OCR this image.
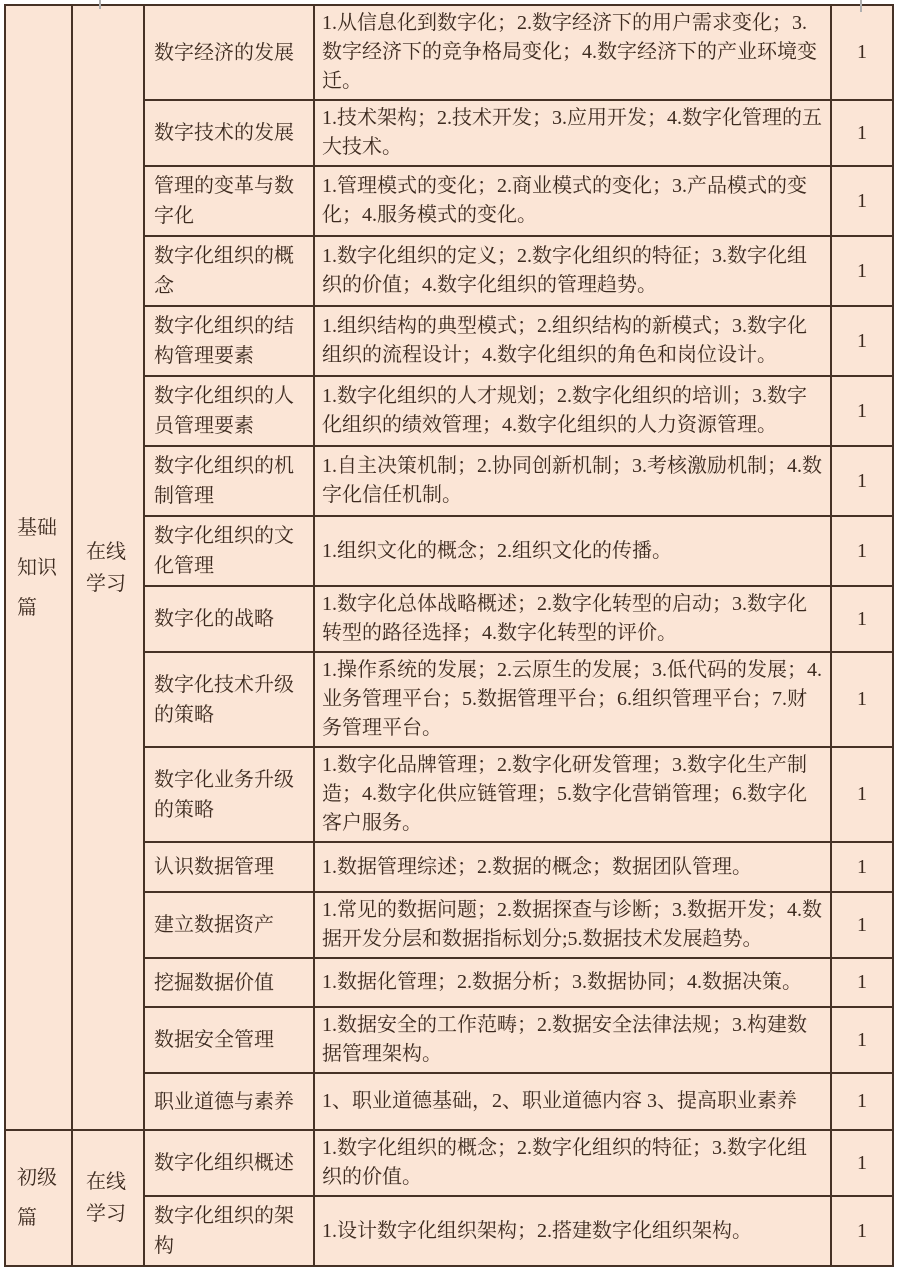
基础知识篇	在线学习	数字经济的发展	1.从信息化到数字化；2.数字经济下的用户需求变化；3.数字经济下的竞争格局变化；4.数字经济下的产业环境变迁。	1
		数字技术的发展	1.技术架构；2.技术开发；3.应用开发；4.数字化管理的五大技术。	1
		管理的变革与数字化	1.管理模式的变化；2.商业模式的变化；3.产品模式的变化；4.服务模式的变化。	1
		数字化组织的概念	1.数字化组织的定义；2.数字化组织的特征；3.数字化组织的价值；4.数字化组织的管理趋势。	1
		数字化组织的结构管理要素	1.组织结构的典型模式；2.组织结构的新模式；3.数字化组织的流程设计；4.数字化组织的角色和岗位设计。	1
		数字化组织的人员管理要素	1.数字化组织的人才规划；2.数字化组织的培训；3.数字化组织的绩效管理；4.数字化组织的人力资源管理。	1
		数字化组织的机制管理	1.自主决策机制；2.协同创新机制；3.考核激励机制；4.数字化信任机制。	1
		数字化组织的文化管理	1.组织文化的概念；2.组织文化的传播。	1
		数字化的战略	1.数字化总体战略概述；2.数字化转型的启动；3.数字化转型的路径选择；4.数字化转型的评价。	1
		数字化技术升级的策略	1.操作系统的发展；2.云原生的发展；3.低代码的发展；4.业务管理平台；5.数据管理平台；6.组织管理平台；7.财务管理平台。	1
		数字化业务升级的策略	1.数字化品牌管理；2.数字化研发管理；3.数字化生产制造；4.数字化供应链管理；5.数字化营销管理；6.数字化客户服务。	1
		认识数据管理	1.数据管理综述；2.数据的概念；数据团队管理。	1
		建立数据资产	1.常见的数据问题；2.数据探查与诊断；3.数据开发；4.数据开发分层和数据指标划分;5.数据技术发展趋势。	1
		挖掘数据价值	1.数据化管理；2.数据分析；3.数据协同；4.数据决策。	1
		数据安全管理	1.数据安全的工作范畴；2.数据安全法律法规；3.构建数据管理架构。	1
		职业道德与素养	1、职业道德基础，2、职业道德内容 3、提高职业素养	1
初级篇	在线学习	数字化组织概述	1.数字化组织的概念；2.数字化组织的特征；3.数字化组织的价值。	1
		数字化组织的架构	1.设计数字化组织架构；2.搭建数字化组织架构。	1
